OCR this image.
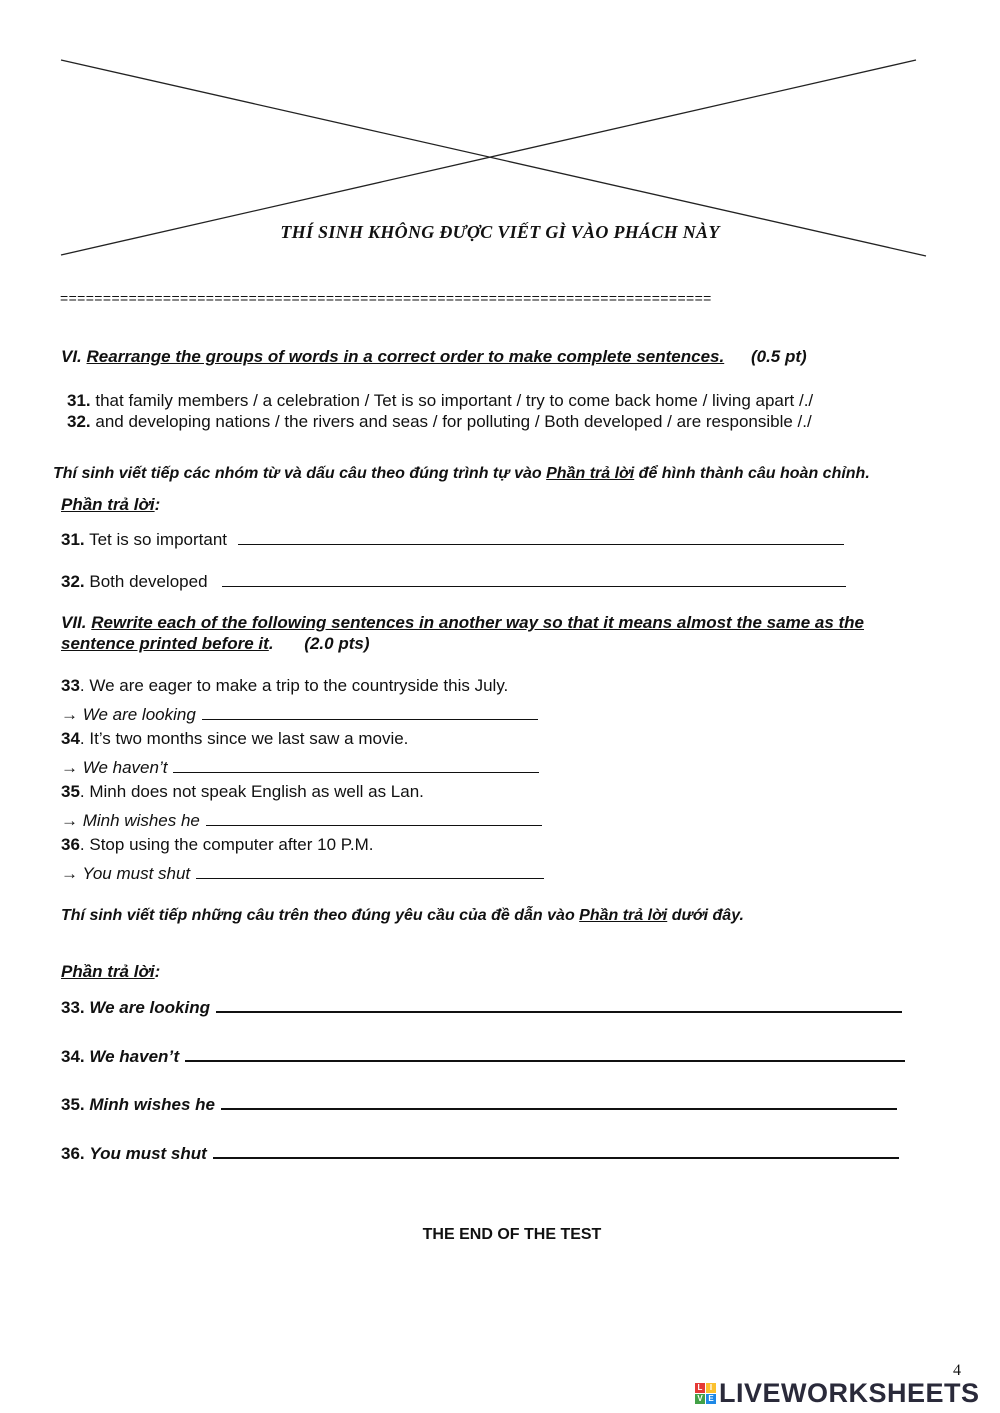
THÍ SINH KHÔNG ĐƯỢC VIẾT GÌ VÀO PHÁCH NÀY
============================================================================
VI. Rearrange the groups of words in a correct order to make complete sentences. (0.5 pt)
31. that family members / a celebration / Tet is so important / try to come back home / living apart /./
32. and developing nations / the rivers and seas / for polluting / Both developed / are responsible /./
Thí sinh viết tiếp các nhóm từ và dấu câu theo đúng trình tự vào Phần trả lời để hình thành câu hoàn chỉnh.
Phần trả lời:
31. Tet is so important
32. Both developed
VII. Rewrite each of the following sentences in another way so that it means almost the same as the
sentence printed before it. (2.0 pts)
33. We are eager to make a trip to the countryside this July.
→ We are looking
34. It’s two months since we last saw a movie.
→ We haven’t
35. Minh does not speak English as well as Lan.
→ Minh wishes he
36. Stop using the computer after 10 P.M.
→ You must shut
Thí sinh viết tiếp những câu trên theo đúng yêu cầu của đề dẫn vào Phần trả lời dưới đây.
Phần trả lời:
33. We are looking
34. We haven’t
35. Minh wishes he
36. You must shut
THE END OF THE TEST
4
L I
V E LIVEWORKSHEETS
